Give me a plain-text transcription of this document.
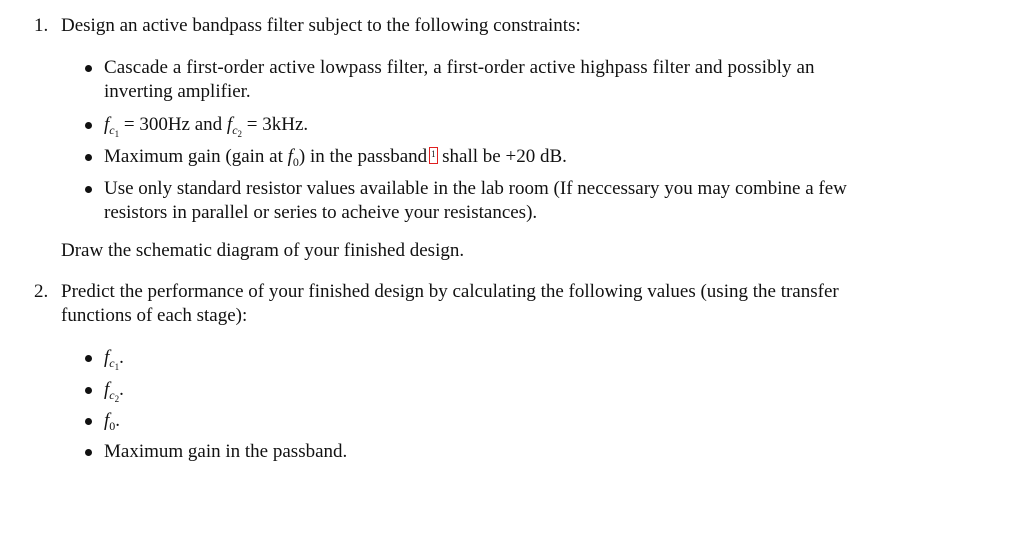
1. Design an active bandpass filter subject to the following constraints:
Cascade a first-order active lowpass filter, a first-order active highpass filter and possibly an
inverting amplifier.
$f_{c_1} = 300Hz$ and $f_{c_2} = 3kHz$.
Maximum gain (gain at $f_0$) in the passband 1 shall be +20 dB.
Use only standard resistor values available in the lab room (If neccessary you may combine a few
resistors in parallel or series to acheive your resistances).
Draw the schematic diagram of your finished design.
2. Predict the performance of your finished design by calculating the following values (using the transfer
functions of each stage):
$f_{c_1}$.
$f_{c_2}$.
$f_0$.
Maximum gain in the passband.
